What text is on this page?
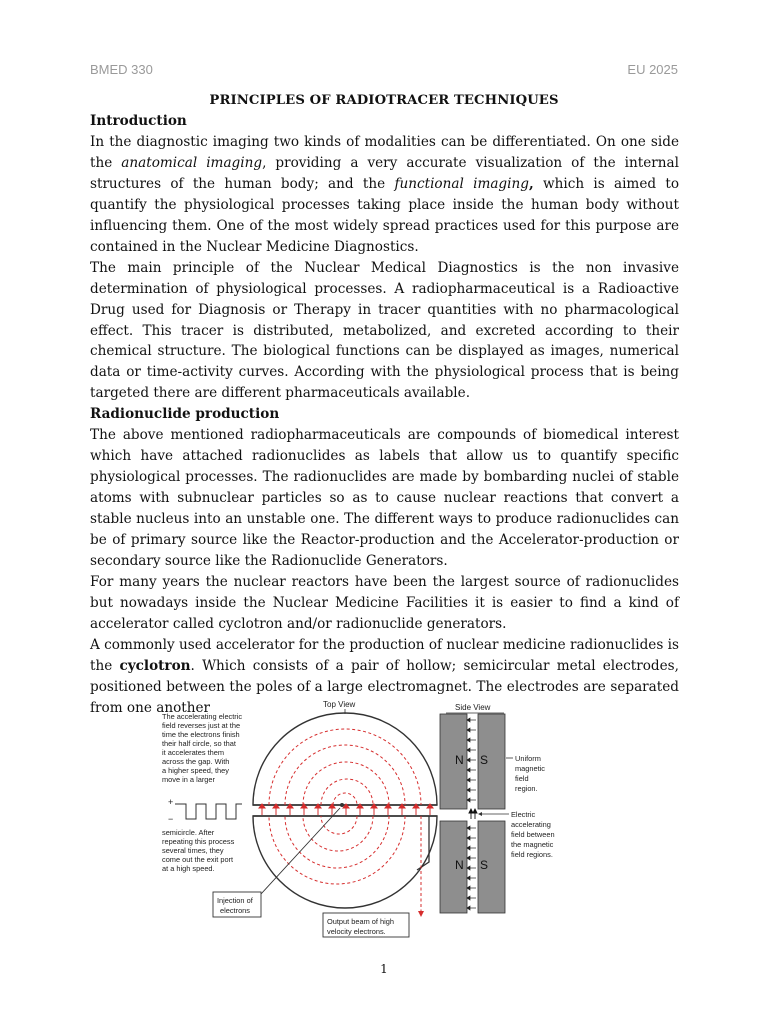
BMED 330	EU 2025
PRINCIPLES OF RADIOTRACER TECHNIQUES
Introduction

In the diagnostic imaging two kinds of modalities can be differentiated. On one side the anatomical imaging, providing a very accurate visualization of the internal structures of the human body; and the functional imaging, which is aimed to quantify the physiological processes taking place inside the human body without influencing them. One of the most widely spread practices used for this purpose are contained in the Nuclear Medicine Diagnostics.

The main principle of the Nuclear Medical Diagnostics is the non invasive determination of physiological processes. A radiopharmaceutical is a Radioactive Drug used for Diagnosis or Therapy in tracer quantities with no pharmacological effect. This tracer is distributed, metabolized, and excreted according to their chemical structure. The biological functions can be displayed as images, numerical data or time-activity curves. According with the physiological process that is being targeted there are different pharmaceuticals available.

Radionuclide production

The above mentioned radiopharmaceuticals are compounds of biomedical interest which have attached radionuclides as labels that allow us to quantify specific physiological processes. The radionuclides are made by bombarding nuclei of stable atoms with subnuclear particles so as to cause nuclear reactions that convert a stable nucleus into an unstable one. The different ways to produce radionuclides can be of primary source like the Reactor-production and the Accelerator-production or secondary source like the Radionuclide Generators.

For many years the nuclear reactors have been the largest source of radionuclides but nowadays inside the Nuclear Medicine Facilities it is easier to find a kind of accelerator called cyclotron and/or radionuclide generators.

A commonly used accelerator for the production of nuclear medicine radionuclides is the cyclotron. Which consists of a pair of hollow; semicircular metal electrodes, positioned between the poles of a large electromagnet. The electrodes are separated from one another	Top View
The accelerating electric
field reverses just at the
time the electrons finish
their half circle, so that
it accelerates them
across the gap. With
a higher speed, they
move in a larger
semicircle. After
repeating this process
several times, they
come out the exit port
at a high speed.
+
−
Injection of
electrons
Output beam of high
velocity electrons.
Side View
N S
N S
Uniform
magnetic
field
region.
Electric
accelerating
field between
the magnetic
field regions.
1
